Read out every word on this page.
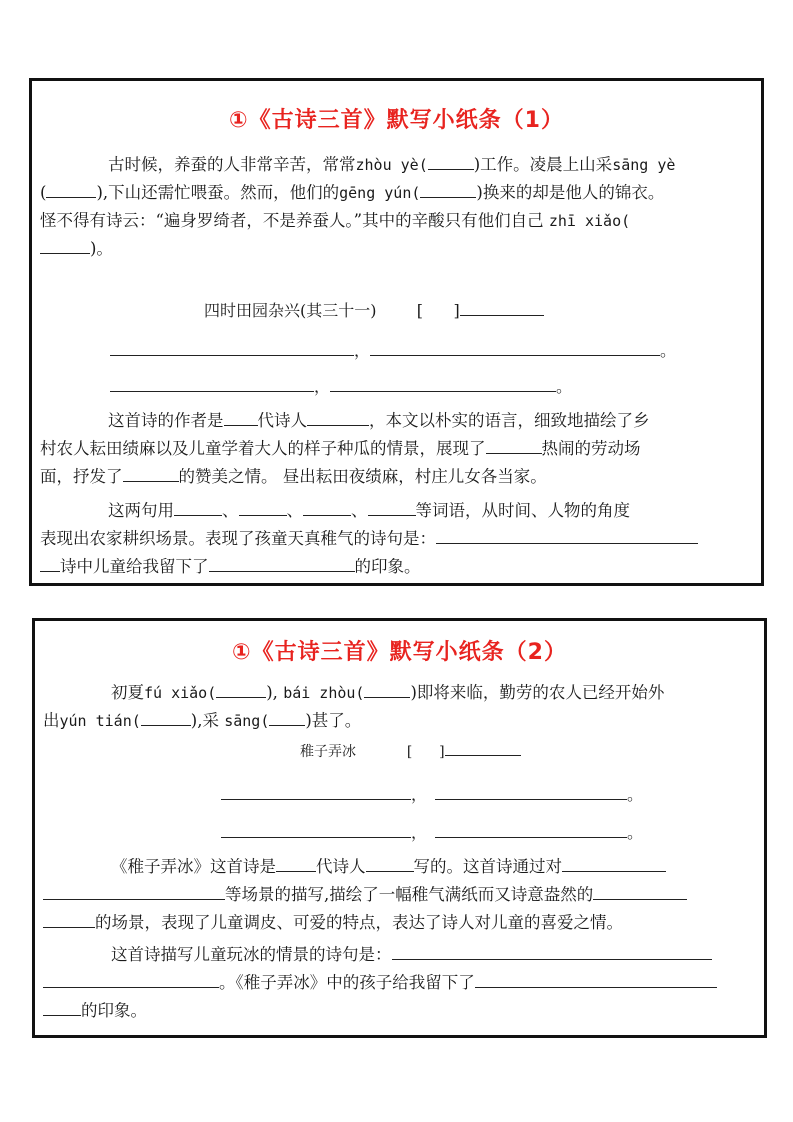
①《古诗三首》默写小纸条（1）

古时候，养蚕的人非常辛苦，常常zhòu yè(	)工作。凌晨上山采sāng yè

(	),下山还需忙喂蚕。然而，他们的gēng yún(	)换来的却是他人的锦衣。

怪不得有诗云：“遍身罗绮者，不是养蚕人。”其中的辛酸只有他们自己 zhī xiǎo(

)。

四时田园杂兴(其三十一)	[      ]
，	。
，	。

这首诗的作者是 代诗人	，本文以朴实的语言，细致地描绘了乡

村农人耘田绩麻以及儿童学着大人的样子种瓜的情景，展现了	热闹的劳动场

面，抒发了	的赞美之情。 昼出耘田夜绩麻，村庄儿女各当家。

这两句用	、	、	、	等词语，从时间、人物的角度

表现出农家耕织场景。表现了孩童天真稚气的诗句是：

诗中儿童给我留下了	的印象。

①《古诗三首》默写小纸条（2）

初夏fú xiǎo(	), bái zhòu(	)即将来临，勤劳的农人已经开始外

出yún tián(	),采 sāng( )甚了。

稚子弄冰	[      ]
，	。
，	。

《稚子弄冰》这首诗是 代诗人	写的。这首诗通过对

等场景的描写,描绘了一幅稚气满纸而又诗意盎然的

的场景，表现了儿童调皮、可爱的特点，表达了诗人对儿童的喜爱之情。

这首诗描写儿童玩冰的情景的诗句是：

。《稚子弄冰》中的孩子给我留下了

的印象。
